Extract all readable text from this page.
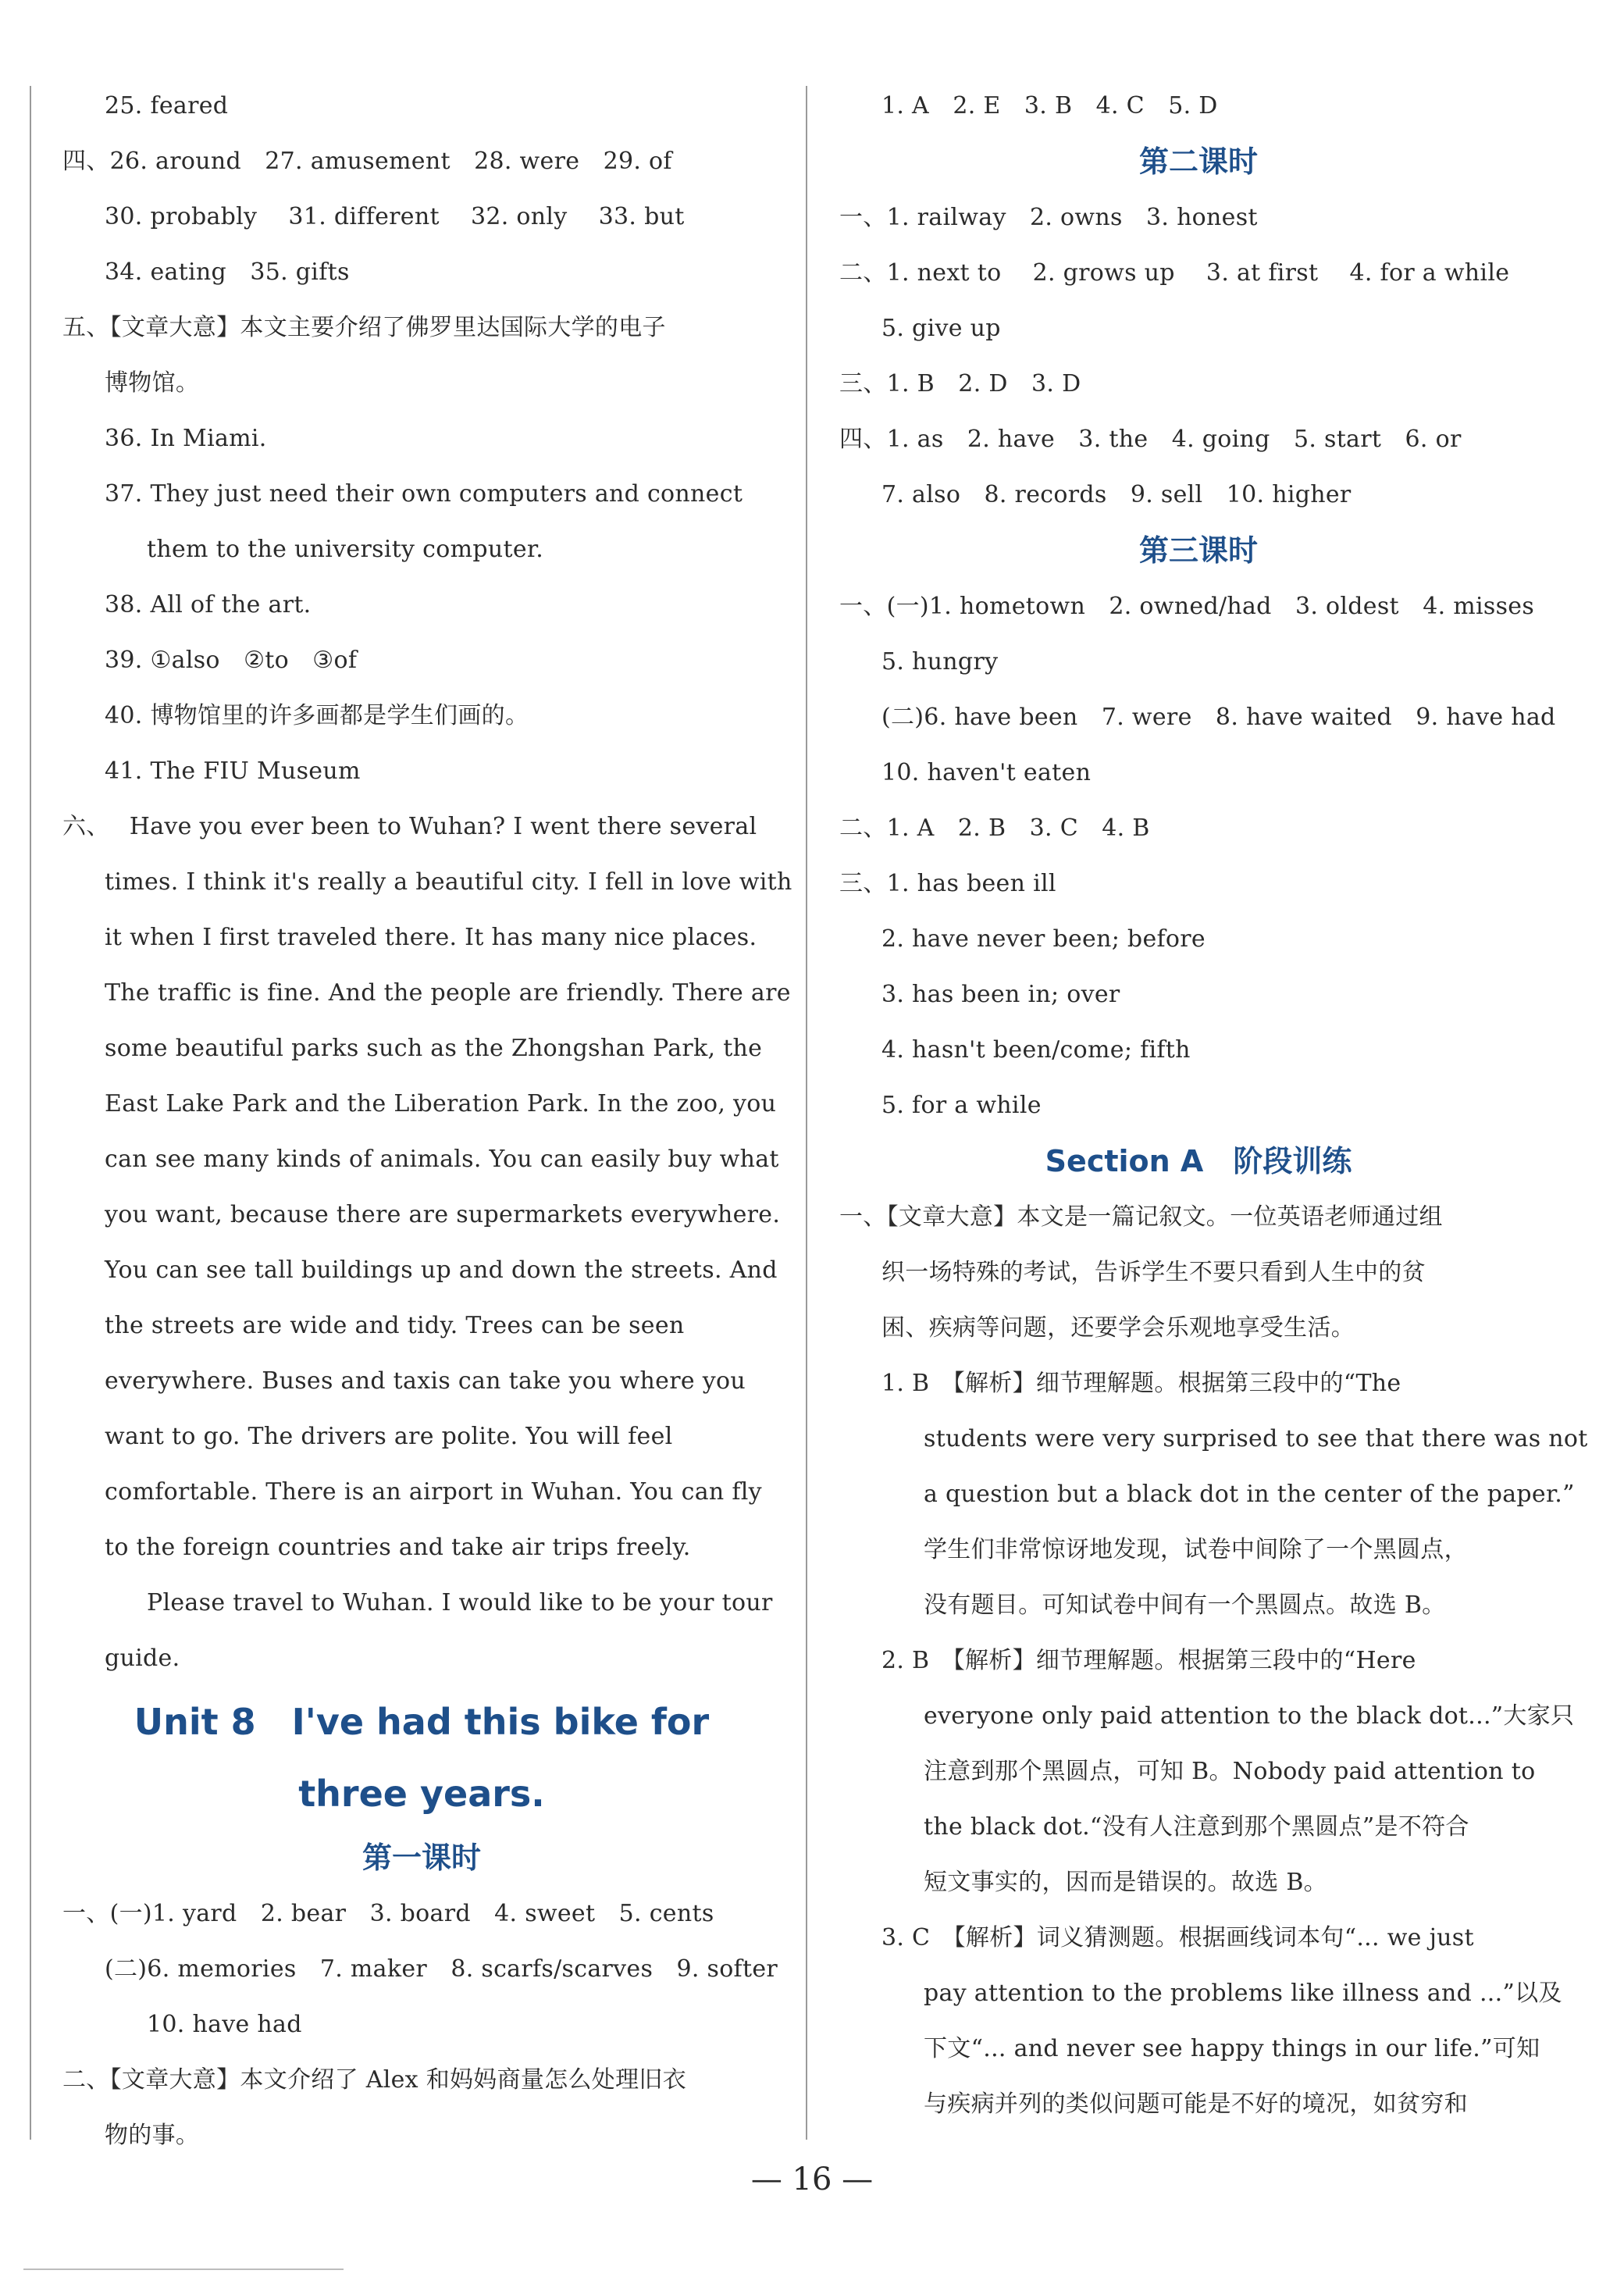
25. feared
四、26. around　27. amusement　28. were　29. of
30. probably　 31. different　 32. only　 33. but
34. eating　35. gifts
五、【文章大意】本文主要介绍了佛罗里达国际大学的电子
博物馆。
36. In Miami.
37. They just need their own computers and connect
them to the university computer.
38. All of the art.
39. ①also　②to　③of
40. 博物馆里的许多画都是学生们画的。
41. The FIU Museum
六、　 Have you ever been to Wuhan? I went there several
times. I think it's really a beautiful city. I fell in love with
it when I first traveled there. It has many nice places.
The traffic is fine. And the people are friendly. There are
some beautiful parks such as the Zhongshan Park, the
East Lake Park and the Liberation Park. In the zoo, you
can see many kinds of animals. You can easily buy what
you want, because there are supermarkets everywhere.
You can see tall buildings up and down the streets. And
the streets are wide and tidy. Trees can be seen
everywhere. Buses and taxis can take you where you
want to go. The drivers are polite. You will feel
comfortable. There is an airport in Wuhan. You can fly
to the foreign countries and take air trips freely.
Please travel to Wuhan. I would like to be your tour
guide.
Unit 8　I've had this bike for
three years.
第一课时
一、(一)1. yard　2. bear　3. board　4. sweet　5. cents
(二)6. memories　7. maker　8. scarfs/scarves　9. softer
10. have had
二、【文章大意】本文介绍了 Alex 和妈妈商量怎么处理旧衣
物的事。
1. A　2. E　3. B　4. C　5. D
第二课时
一、1. railway　2. owns　3. honest
二、1. next to　 2. grows up　 3. at first　 4. for a while
5. give up
三、1. B　2. D　3. D
四、1. as　2. have　3. the　4. going　5. start　6. or
7. also　8. records　9. sell　10. higher
第三课时
一、(一)1. hometown　2. owned/had　3. oldest　4. misses
5. hungry
(二)6. have been　7. were　8. have waited　9. have had
10. haven't eaten
二、1. A　2. B　3. C　4. B
三、1. has been ill
2. have never been; before
3. has been in; over
4. hasn't been/come; fifth
5. for a while
Section A　阶段训练
一、【文章大意】本文是一篇记叙文。一位英语老师通过组
织一场特殊的考试，告诉学生不要只看到人生中的贫
困、疾病等问题，还要学会乐观地享受生活。
1. B　【解析】细节理解题。根据第三段中的“The
students were very surprised to see that there was not
a question but a black dot in the center of the paper.”
学生们非常惊讶地发现，试卷中间除了一个黑圆点，
没有题目。可知试卷中间有一个黑圆点。故选 B。
2. B　【解析】细节理解题。根据第三段中的“Here
everyone only paid attention to the black dot...”大家只
注意到那个黑圆点，可知 B。Nobody paid attention to
the black dot.“没有人注意到那个黑圆点”是不符合
短文事实的，因而是错误的。故选 B。
3. C　【解析】词义猜测题。根据画线词本句“... we just
pay attention to the problems like illness and ...”以及
下文“... and never see happy things in our life.”可知
与疾病并列的类似问题可能是不好的境况，如贫穷和
— 16 —
